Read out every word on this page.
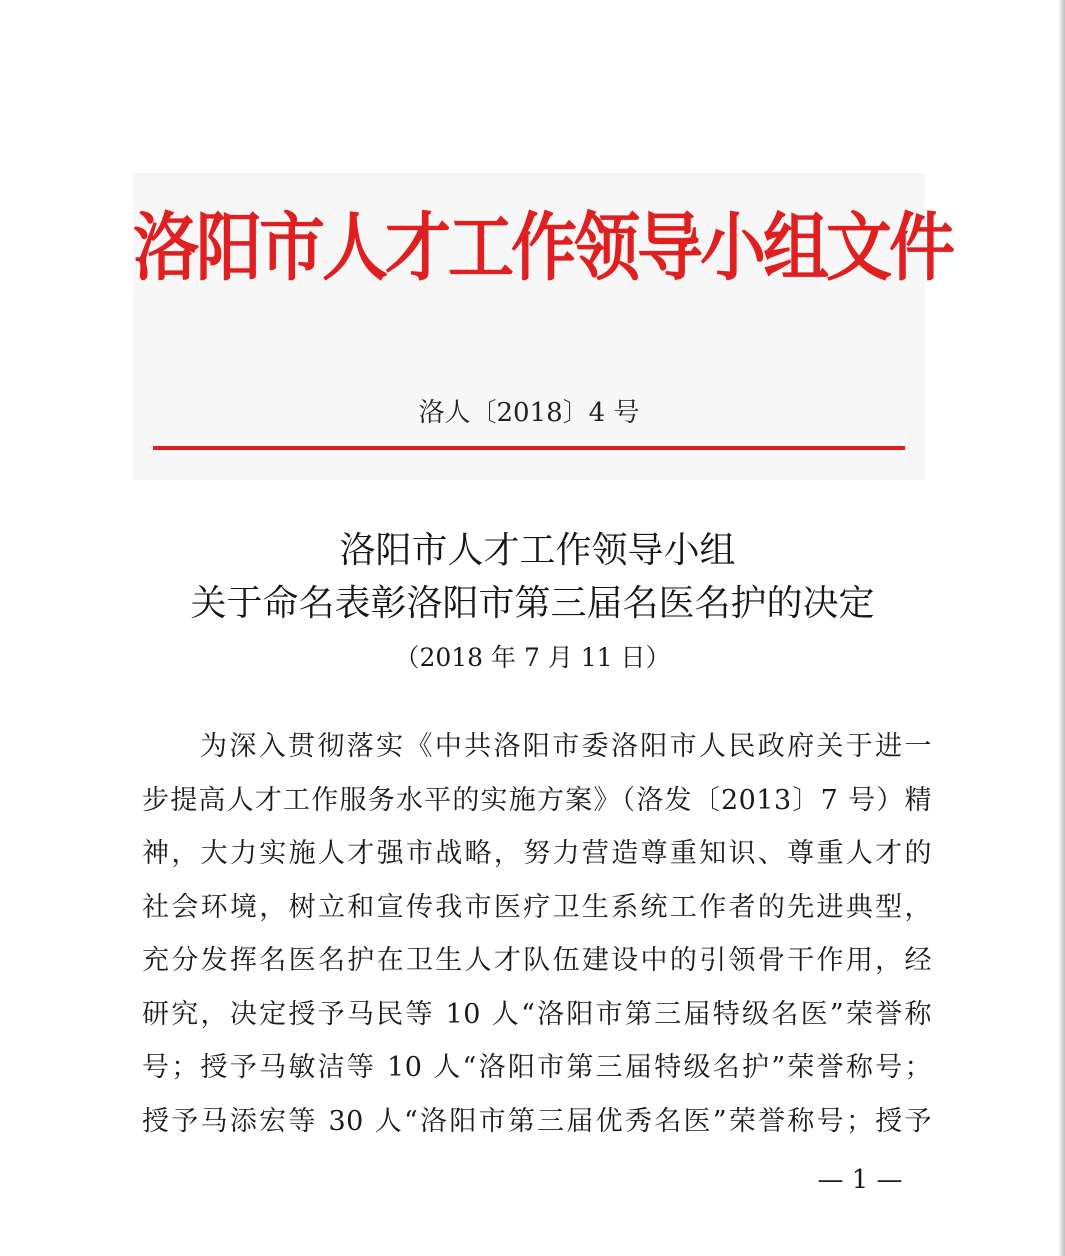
洛阳市人才工作领导小组文件
洛人〔2018〕4 号
洛阳市人才工作领导小组
关于命名表彰洛阳市第三届名医名护的决定
（2018 年 7 月 11 日）
为深入贯彻落实《中共洛阳市委洛阳市人民政府关于进一
步提高人才工作服务水平的实施方案》（洛发〔2013〕7 号）精
神，大力实施人才强市战略，努力营造尊重知识、尊重人才的
社会环境，树立和宣传我市医疗卫生系统工作者的先进典型，
充分发挥名医名护在卫生人才队伍建设中的引领骨干作用，经
研究，决定授予马民等 10 人“洛阳市第三届特级名医”荣誉称
号；授予马敏洁等 10 人“洛阳市第三届特级名护”荣誉称号；
授予马添宏等 30 人“洛阳市第三届优秀名医”荣誉称号；授予
— 1 —
